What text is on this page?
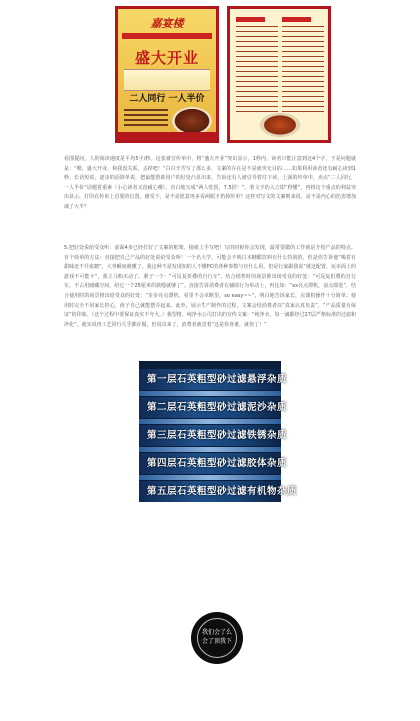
嘉宴楼
盛大开业
二人同行 一人半价

看图提问，人的阅读速度是平均5字/秒。这张被宣传单中，将“盛大开业”突出显示，1秒内，读者只能注意到这4个字，于是问题就是：“嗯，盛大开业，和我没关系，丢掉吧！”白白辛苦写了那么多，文案的存在是不是就突无目的……如果利用读者还有耐心读到1秒，长话短说，逐步的话简单说，把最能帮助用户的好处凸显出来，告诉还有人被引导着往下读。上面的传单中，卖点“二人同行，一人半价”话题着重素（小心读者又没耐心哦）。直白地写成“两人吃饭，7.5折！”，着文字的入立即“秒懂”，再将这个重点的利益突出显示，打印在传单上首要的位置。感受下，是不是愿意再多看两眼才扔掉传单？这样对写文的文案则来说，是不是内心的伤害增加减了大半？

5.把好处说给受众听：前面4步已经打好了文案的框架，接就上手写吧！写的时候你会发现，最常要做的工作就是介绍产品的特点。有个简单的方法：直接把自己产品的好处说给受众听！一个名大学，可能会不明白本糖醋饮料有什么特别的，但是你告诉他“喝着有甜味还不升血糖”，大爷瞬间就懂了。我这种不是发现知的人不懂PC的各种参数与有什么用，但是行家跟我说“就这配置，玩市面上的游戏不可能卡”，我立马购买动了。栗子一个：“可反复折叠的自行车”，结合销售时的场景推出场受众的好处：“可反复折叠的自行车，不占用储藏空间，给它一个25厘米的狭缝就够了”。直接告诉消费者在辅助行为举动上，再比如：“xx亮点漂机，前点即进”，结合使用时的场景推出给受众的好处：“步步亮点漂机，看里不会卓断里，so easy~~”。明白地告诉家长，点课机操作十分简单；使用时完全不用家长担心，孩子自己就能摆弄起来。此外，展示生产制作的过程，文案会结消费者以“真家认真负责”，“产品质量有保证”的印象。（这个过程中要保证真实不夸大。）我型格，纯净水公司打出的宣传文案：“纯净水，每一滴都经过27层严格标准的过滤和净化”，就实说再工艺同行几乎都在做，但说出来了，消费者就觉着“这是你喜谁，就你了！”

第一层石英粗型砂过滤悬浮杂质
第二层石英粗型砂过滤泥沙杂质
第三层石英粗型砂过滤铁锈杂质
第四层石英粗型砂过滤胶体杂质
第五层石英粗型砂过滤有机物杂质
我们会了么
会了顶我下
